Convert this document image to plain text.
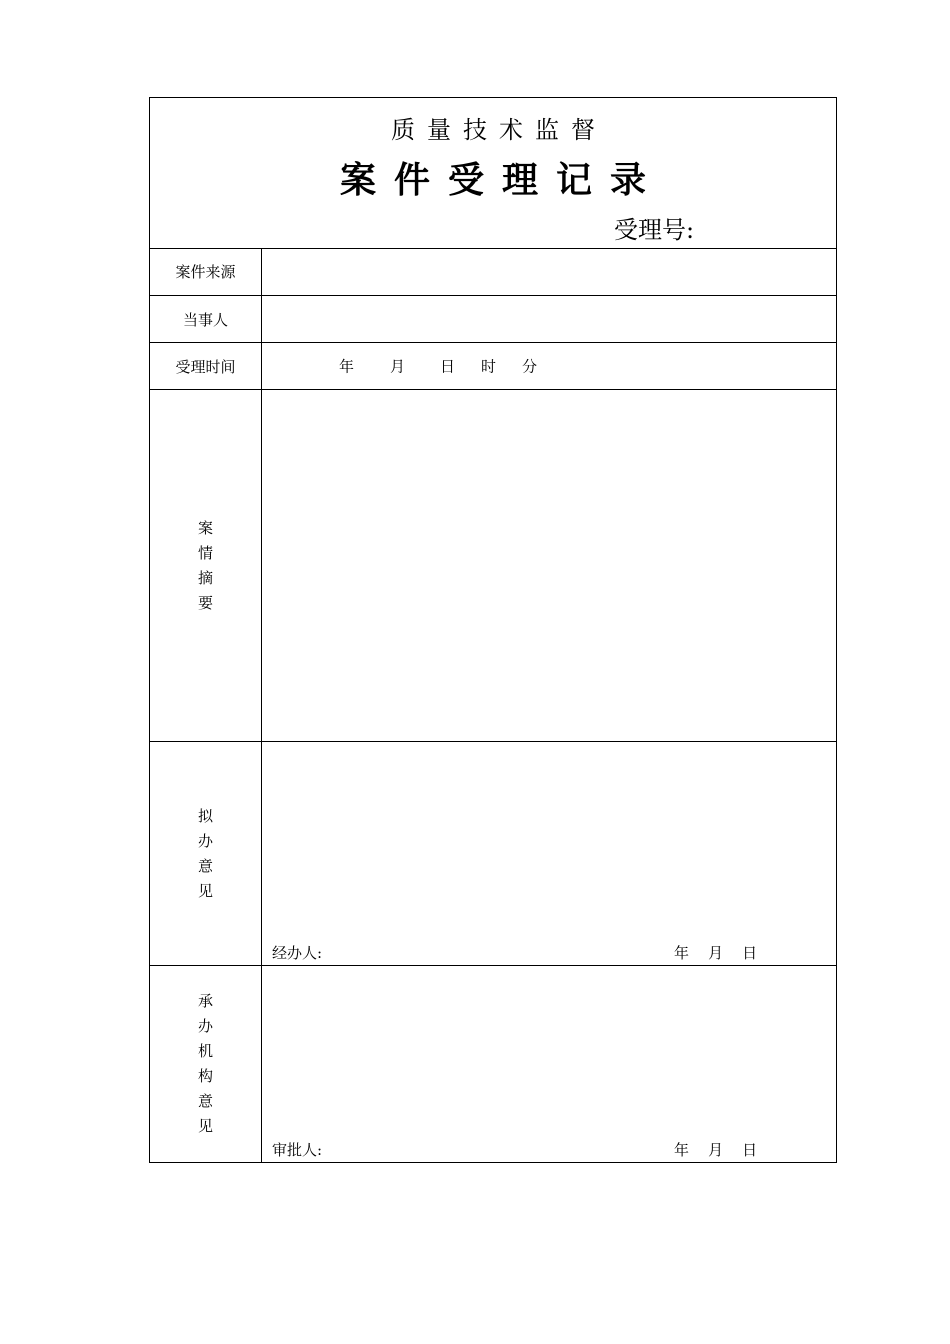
质量技术监督
案件受理记录
受理号:
案件来源
当事人
受理时间	年 月 日 时 分
案情摘要
拟办意见
经办人:	年    月    日
承办机构意见
审批人:	年    月    日
